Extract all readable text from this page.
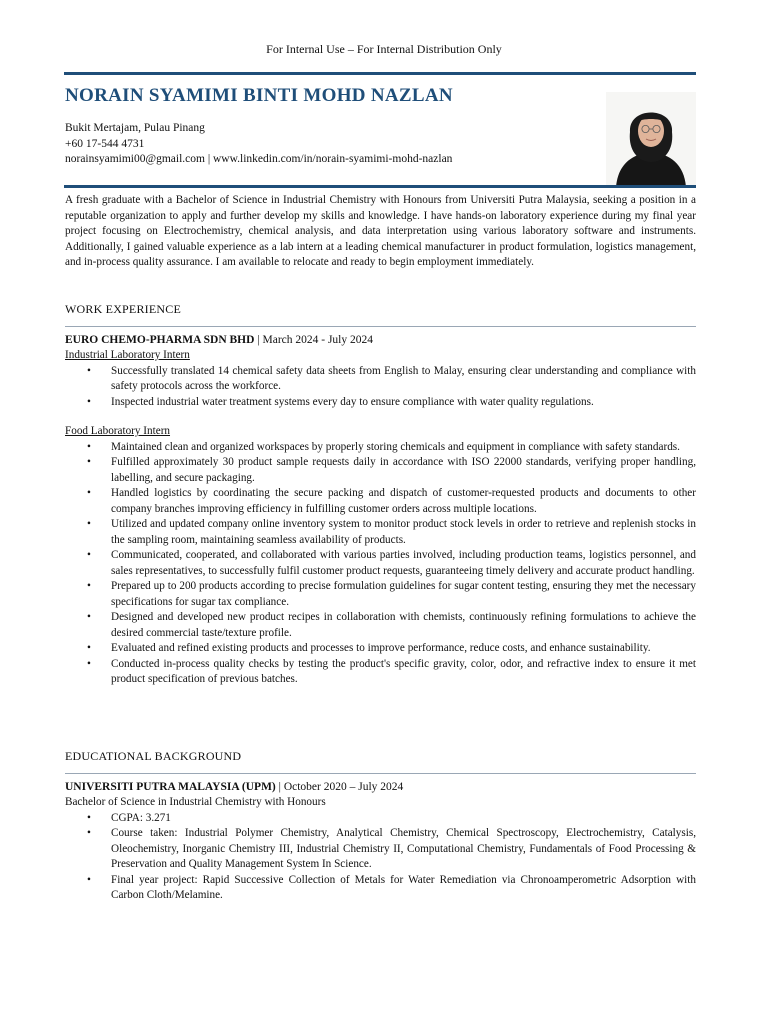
For Internal Use – For Internal Distribution Only
NORAIN SYAMIMI BINTI MOHD NAZLAN
Bukit Mertajam, Pulau Pinang
+60 17-544 4731
norainsyamimi00@gmail.com | www.linkedin.com/in/norain-syamimi-mohd-nazlan
A fresh graduate with a Bachelor of Science in Industrial Chemistry with Honours from Universiti Putra Malaysia, seeking a position in a reputable organization to apply and further develop my skills and knowledge. I have hands-on laboratory experience during my final year project focusing on Electrochemistry, chemical analysis, and data interpretation using various laboratory software and instruments. Additionally, I gained valuable experience as a lab intern at a leading chemical manufacturer in product formulation, logistics management, and in-process quality assurance. I am available to relocate and ready to begin employment immediately.
WORK EXPERIENCE
EURO CHEMO-PHARMA SDN BHD | March 2024 - July 2024
Industrial Laboratory Intern
• Successfully translated 14 chemical safety data sheets from English to Malay, ensuring clear understanding and compliance with safety protocols across the workforce.
• Inspected industrial water treatment systems every day to ensure compliance with water quality regulations.
Food Laboratory Intern
• Maintained clean and organized workspaces by properly storing chemicals and equipment in compliance with safety standards.
• Fulfilled approximately 30 product sample requests daily in accordance with ISO 22000 standards, verifying proper handling, labelling, and secure packaging.
• Handled logistics by coordinating the secure packing and dispatch of customer-requested products and documents to other company branches improving efficiency in fulfilling customer orders across multiple locations.
• Utilized and updated company online inventory system to monitor product stock levels in order to retrieve and replenish stocks in the sampling room, maintaining seamless availability of products.
• Communicated, cooperated, and collaborated with various parties involved, including production teams, logistics personnel, and sales representatives, to successfully fulfil customer product requests, guaranteeing timely delivery and accurate product handling.
• Prepared up to 200 products according to precise formulation guidelines for sugar content testing, ensuring they met the necessary specifications for sugar tax compliance.
• Designed and developed new product recipes in collaboration with chemists, continuously refining formulations to achieve the desired commercial taste/texture profile.
• Evaluated and refined existing products and processes to improve performance, reduce costs, and enhance sustainability.
• Conducted in-process quality checks by testing the product's specific gravity, color, odor, and refractive index to ensure it met product specification of previous batches.
EDUCATIONAL BACKGROUND
UNIVERSITI PUTRA MALAYSIA (UPM) | October 2020 – July 2024
Bachelor of Science in Industrial Chemistry with Honours
• CGPA: 3.271
• Course taken: Industrial Polymer Chemistry, Analytical Chemistry, Chemical Spectroscopy, Electrochemistry, Catalysis, Oleochemistry, Inorganic Chemistry III, Industrial Chemistry II, Computational Chemistry, Fundamentals of Food Processing & Preservation and Quality Management System In Science.
• Final year project: Rapid Successive Collection of Metals for Water Remediation via Chronoamperometric Adsorption with Carbon Cloth/Melamine.
